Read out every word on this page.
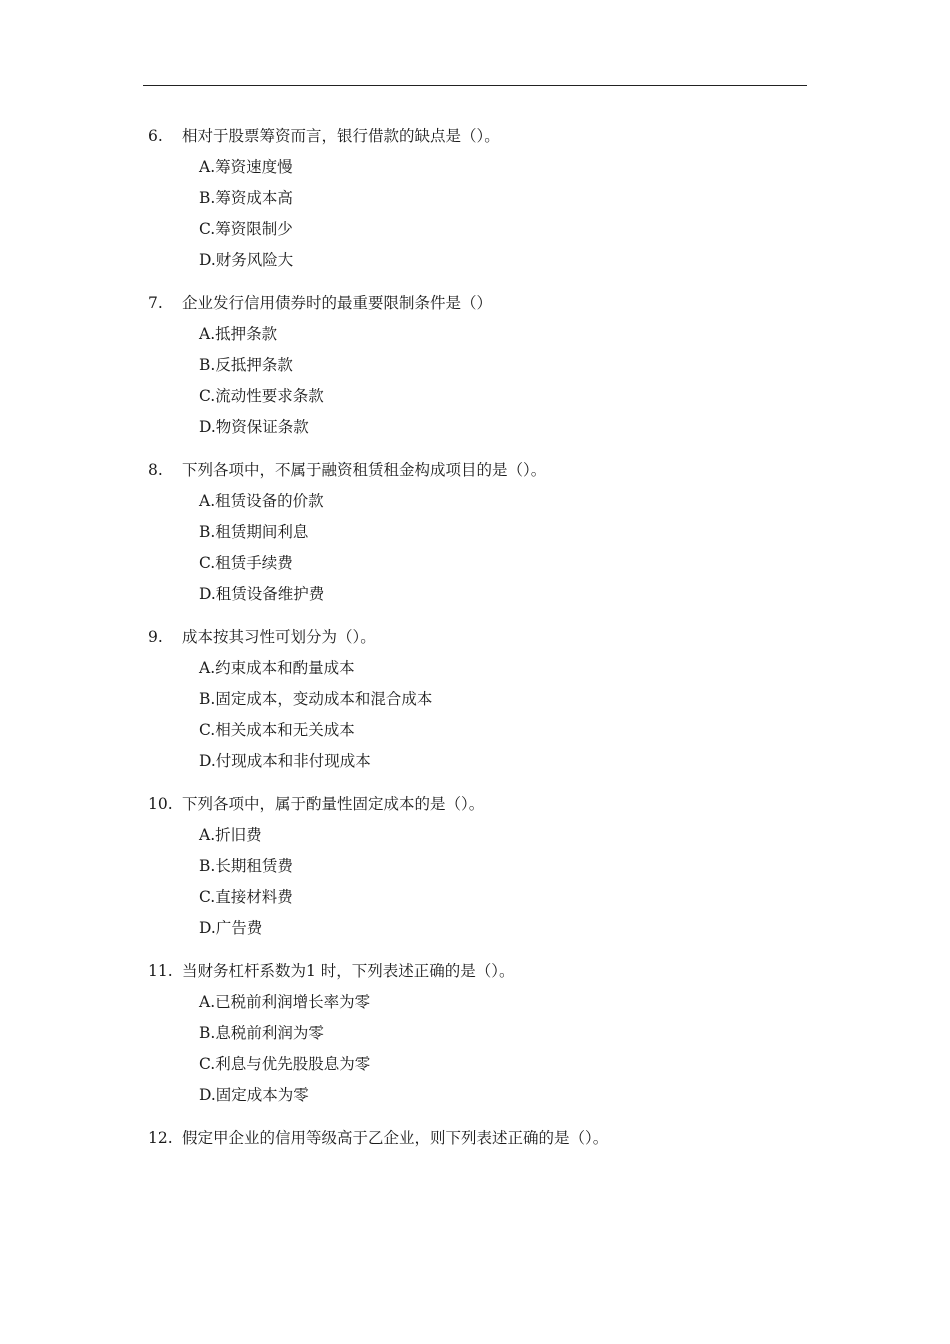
6.	相对于股票筹资而言，银行借款的缺点是（）。
A.筹资速度慢
B.筹资成本高
C.筹资限制少
D.财务风险大
7.	企业发行信用债券时的最重要限制条件是（）
A.抵押条款
B.反抵押条款
C.流动性要求条款
D.物资保证条款
8.	下列各项中，不属于融资租赁租金构成项目的是（）。
A.租赁设备的价款
B.租赁期间利息
C.租赁手续费
D.租赁设备维护费
9.	成本按其习性可划分为（）。
A.约束成本和酌量成本
B.固定成本，变动成本和混合成本
C.相关成本和无关成本
D.付现成本和非付现成本
10. 下列各项中，属于酌量性固定成本的是（）。
A.折旧费
B.长期租赁费
C.直接材料费
D.广告费
11. 当财务杠杆系数为1 时，下列表述正确的是（）。
A.已税前利润增长率为零
B.息税前利润为零
C.利息与优先股股息为零
D.固定成本为零
12. 假定甲企业的信用等级高于乙企业，则下列表述正确的是（）。
